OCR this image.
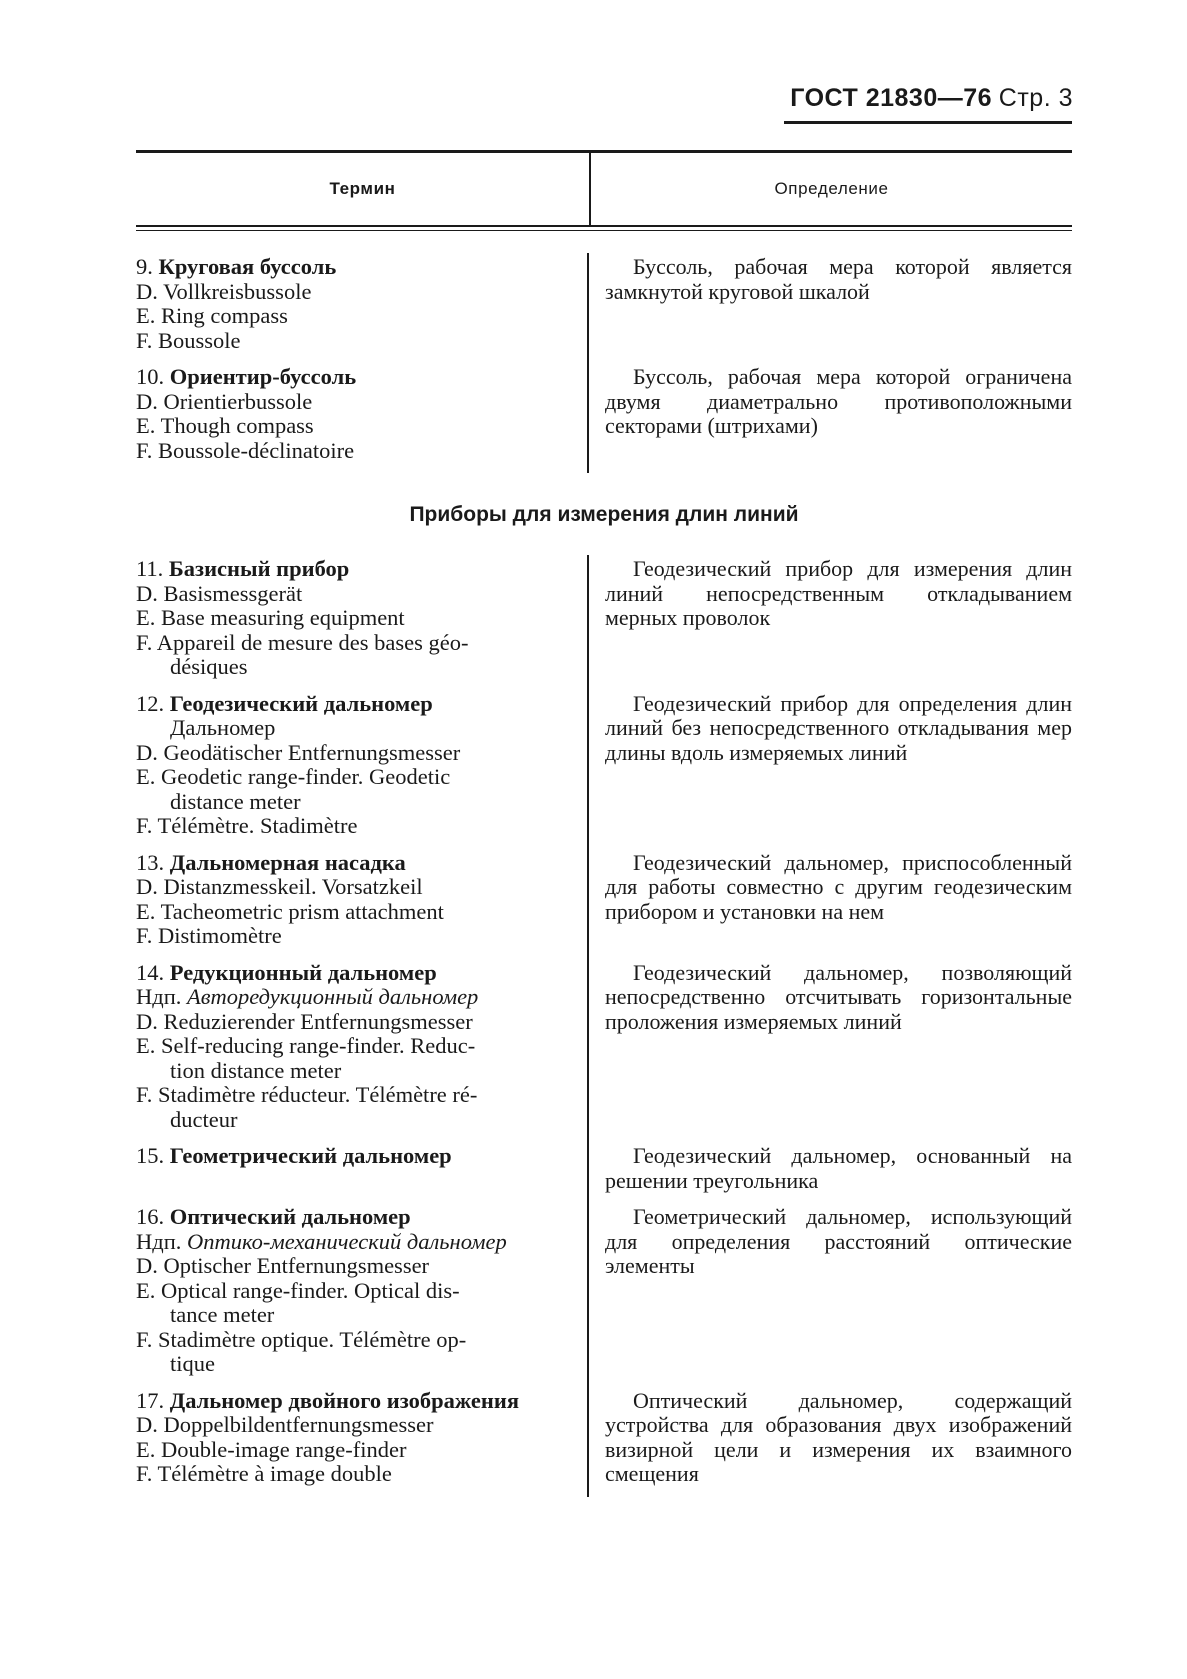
ГОСТ 21830—76 Стр. 3
Термин	Определение
9. Круговая буссоль
D. Vollkreisbussole
E. Ring compass
F. Boussole
Буссоль, рабочая мера которой является замкнутой круговой шкалой
10. Ориентир-буссоль
D. Orientierbussole
E. Though compass
F. Boussole-déclinatoire
Буссоль, рабочая мера которой ограничена двумя диаметрально противоположными секторами (штрихами)
Приборы для измерения длин линий
11. Базисный прибор
D. Basismessgerät
E. Base measuring equipment
F. Appareil de mesure des bases géo-
désiques
Геодезический прибор для измерения длин линий непосредственным откладыванием мерных проволок
12. Геодезический дальномер
Дальномер
D. Geodätischer Entfernungsmesser
E. Geodetic range-finder. Geodetic
distance meter
F. Télémètre. Stadimètre
Геодезический прибор для определения длин линий без непосредственного откладывания мер длины вдоль измеряемых линий
13. Дальномерная насадка
D. Distanzmesskeil. Vorsatzkeil
E. Tacheometric prism attachment
F. Distimomètre
Геодезический дальномер, приспособленный для работы совместно с другим геодезическим прибором и установки на нем
14. Редукционный дальномер
Ндп. Авторедукционный дальномер
D. Reduzierender Entfernungsmesser
E. Self-reducing range-finder. Reduc-
tion distance meter
F. Stadimètre réducteur. Télémètre ré-
ducteur
Геодезический дальномер, позволяющий непосредственно отсчитывать горизонтальные проложения измеряемых линий
15. Геометрический дальномер	Геодезический дальномер, основанный на решении треугольника
16. Оптический дальномер
Ндп. Оптико-механический дальномер
D. Optischer Entfernungsmesser
E. Optical range-finder. Optical dis-
tance meter
F. Stadimètre optique. Télémètre op-
tique
Геометрический дальномер, использующий для определения расстояний оптические элементы
17. Дальномер двойного изображения
D. Doppelbildentfernungsmesser
E. Double-image range-finder
F. Télémètre à image double
Оптический дальномер, содержащий устройства для образования двух изображений визирной цели и измерения их взаимного смещения
